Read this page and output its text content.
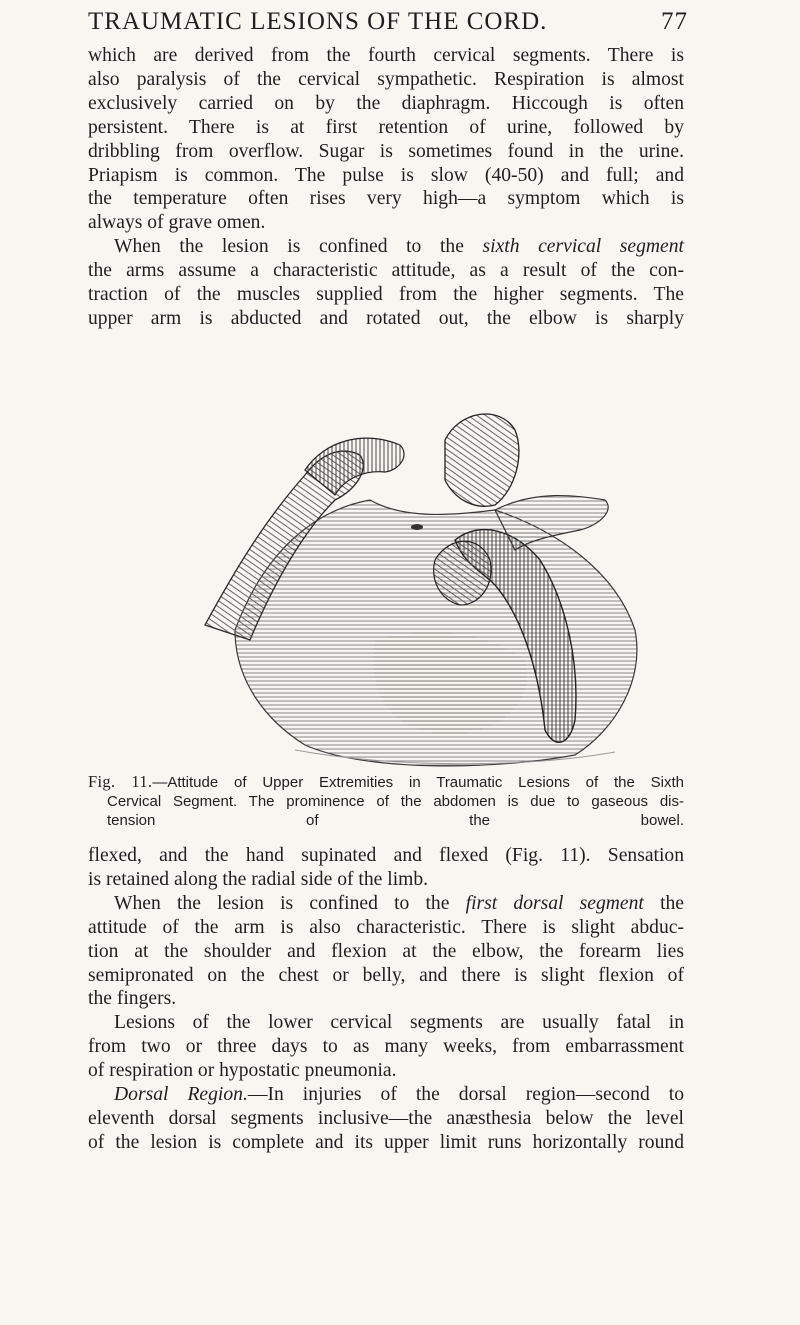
TRAUMATIC LESIONS OF THE CORD.	77
which are derived from the fourth cervical segments. There is
also paralysis of the cervical sympathetic. Respiration is almost
exclusively carried on by the diaphragm. Hiccough is often
persistent. There is at first retention of urine, followed by
dribbling from overflow. Sugar is sometimes found in the urine.
Priapism is common. The pulse is slow (40-50) and full; and
the temperature often rises very high—a symptom which is
always of grave omen.
When the lesion is confined to the sixth cervical segment
the arms assume a characteristic attitude, as a result of the con-
traction of the muscles supplied from the higher segments. The
upper arm is abducted and rotated out, the elbow is sharply
Fig. 11.—Attitude of Upper Extremities in Traumatic Lesions of the Sixth
Cervical Segment. The prominence of the abdomen is due to gaseous dis-
tension of the bowel.
flexed, and the hand supinated and flexed (Fig. 11). Sensation
is retained along the radial side of the limb.
When the lesion is confined to the first dorsal segment the
attitude of the arm is also characteristic. There is slight abduc-
tion at the shoulder and flexion at the elbow, the forearm lies
semipronated on the chest or belly, and there is slight flexion of
the fingers.
Lesions of the lower cervical segments are usually fatal in
from two or three days to as many weeks, from embarrassment
of respiration or hypostatic pneumonia.
Dorsal Region.—In injuries of the dorsal region—second to
eleventh dorsal segments inclusive—the anæsthesia below the level
of the lesion is complete and its upper limit runs horizontally round
